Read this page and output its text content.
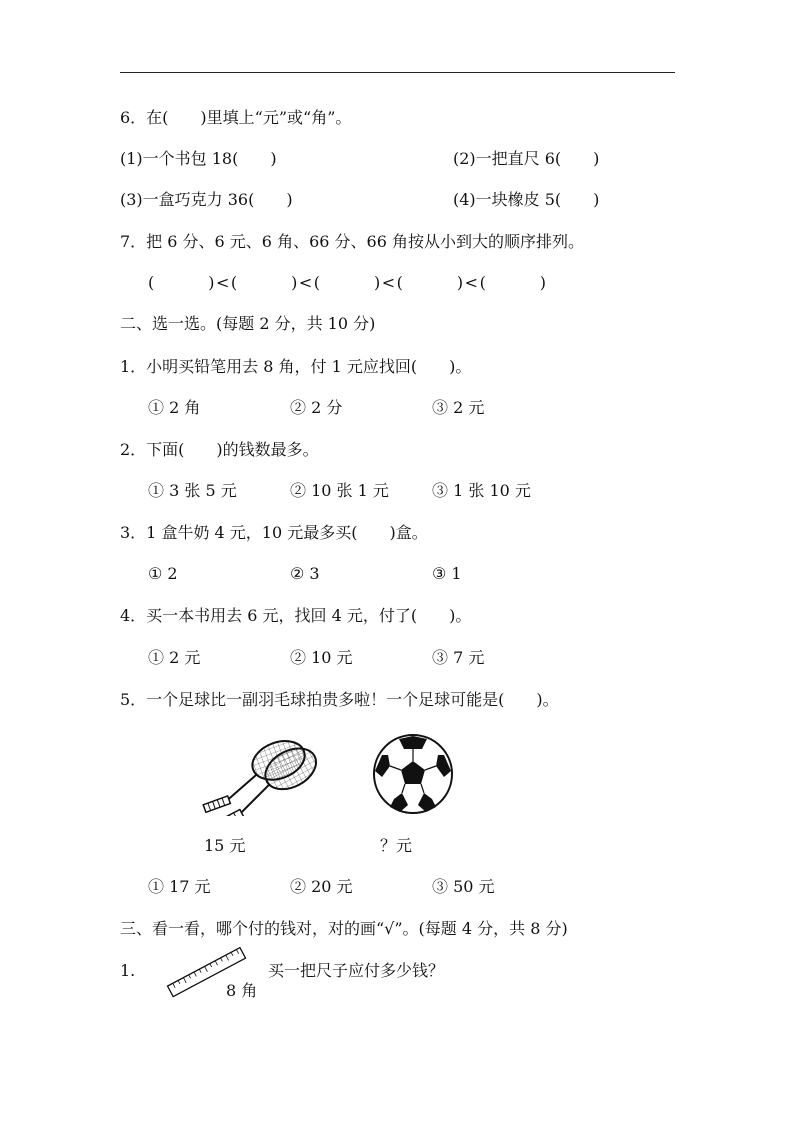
6．在(　　)里填上“元”或“角”。
(1)一个书包 18(　　)	(2)一把直尺 6(　　)
(3)一盒巧克力 36(　　)	(4)一块橡皮 5(　　)
7．把 6 分、6 元、6 角、66 分、66 角按从小到大的顺序排列。
(　　　)<(　　　)<(　　　)<(　　　)<(　　　)
二、选一选。(每题 2 分，共 10 分)
1．小明买铅笔用去 8 角，付 1 元应找回(　　)。
① 2 角	② 2 分	③ 2 元
2．下面(　　)的钱数最多。
① 3 张 5 元	② 10 张 1 元	③ 1 张 10 元
3．1 盒牛奶 4 元，10 元最多买(　　)盒。
① 2	② 3	③ 1
4．买一本书用去 6 元，找回 4 元，付了(　　)。
① 2 元	② 10 元	③ 7 元
5．一个足球比一副羽毛球拍贵多啦！一个足球可能是(　　)。
15 元	？元
① 17 元	② 20 元	③ 50 元
三、看一看，哪个付的钱对，对的画“√”。(每题 4 分，共 8 分)
1.
8 角
买一把尺子应付多少钱？
